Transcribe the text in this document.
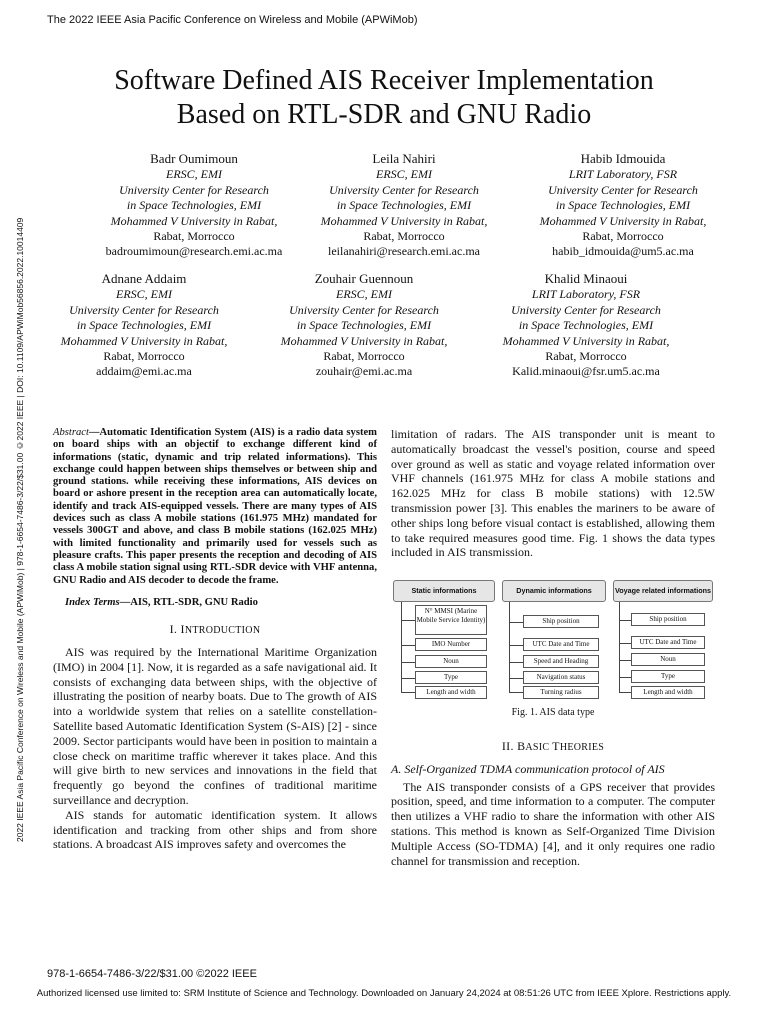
The 2022 IEEE Asia Pacific Conference on Wireless and Mobile (APWiMob)
2022 IEEE Asia Pacific Conference on Wireless and Mobile (APWiMob) | 978-1-6654-7486-3/22/$31.00 ©2022 IEEE | DOI: 10.1109/APWiMob56856.2022.10014409
Software Defined AIS Receiver Implementation
Based on RTL-SDR and GNU Radio
Badr Oumimoun
ERSC, EMI
University Center for Research
in Space Technologies, EMI
Mohammed V University in Rabat,
Rabat, Morrocco
badroumimoun@research.emi.ac.ma
Leila Nahiri
ERSC, EMI
University Center for Research
in Space Technologies, EMI
Mohammed V University in Rabat,
Rabat, Morrocco
leilanahiri@research.emi.ac.ma
Habib Idmouida
LRIT Laboratory, FSR
University Center for Research
in Space Technologies, EMI
Mohammed V University in Rabat,
Rabat, Morrocco
habib_idmouida@um5.ac.ma
Adnane Addaim
ERSC, EMI
University Center for Research
in Space Technologies, EMI
Mohammed V University in Rabat,
Rabat, Morrocco
addaim@emi.ac.ma
Zouhair Guennoun
ERSC, EMI
University Center for Research
in Space Technologies, EMI
Mohammed V University in Rabat,
Rabat, Morrocco
zouhair@emi.ac.ma
Khalid Minaoui
LRIT Laboratory, FSR
University Center for Research
in Space Technologies, EMI
Mohammed V University in Rabat,
Rabat, Morrocco
Kalid.minaoui@fsr.um5.ac.ma

Abstract—Automatic Identification System (AIS) is a radio data system on board ships with an objectif to exchange different kind of informations (static, dynamic and trip related informations). This exchange could happen between ships themselves or between ship and ground stations. while receiving these informations, AIS devices on board or ashore present in the reception area can automatically locate, identify and track AIS-equipped vessels. There are many types of AIS devices such as class A mobile stations (161.975 MHz) mandated for vessels 300GT and above, and class B mobile stations (162.025 MHz) with limited functionality and primarily used for vessels such as pleasure crafts. This paper presents the reception and decoding of AIS class A mobile station signal using RTL-SDR device with VHF antenna, GNU Radio and AIS decoder to decode the frame.

Index Terms—AIS, RTL-SDR, GNU Radio

I. INTRODUCTION

AIS was required by the International Maritime Organization (IMO) in 2004 [1]. Now, it is regarded as a safe navigational aid. It consists of exchanging data between ships, with the objective of illustrating the position of nearby boats. Due to The growth of AIS into a worldwide system that relies on a satellite constellation- Satellite based Automatic Identification System (S-AIS) [2] - since 2009. Sector participants would have been in position to maintain a close check on maritime traffic wherever it takes place. And this will give birth to new services and innovations in the field that frequently go beyond the confines of traditional maritime surveillance and decryption.

AIS stands for automatic identification system. It allows identification and tracking from other ships and from shore stations. A broadcast AIS improves safety and overcomes the

limitation of radars. The AIS transponder unit is meant to automatically broadcast the vessel's position, course and speed over ground as well as static and voyage related information over VHF channels (161.975 MHz for class A mobile stations and 162.025 MHz for class B mobile stations) with 12.5W transmission power [3]. This enables the mariners to be aware of other ships long before visual contact is established, allowing them to take required measures good time. Fig. 1 shows the data types included in AIS transmission.

Static informations	Dynamic informations	Voyage related informations
N° MMSI (Marine Mobile Service Identity)
IMO Number
Noun
Type
Length and width
Ship position
UTC Date and Time
Speed and Heading
Navigation status
Turning radius
Ship position
UTC Date and Time
Noun
Type
Length and width
Fig. 1. AIS data type
II. BASIC THEORIES

A. Self-Organized TDMA communication protocol of AIS

The AIS transponder consists of a GPS receiver that provides position, speed, and time information to a computer. The computer then utilizes a VHF radio to share the information with other AIS stations. This method is known as Self-Organized Time Division Multiple Access (SO-TDMA) [4], and it only requires one radio channel for transmission and reception.

978-1-6654-7486-3/22/$31.00 ©2022 IEEE
Authorized licensed use limited to: SRM Institute of Science and Technology. Downloaded on January 24,2024 at 08:51:26 UTC from IEEE Xplore. Restrictions apply.
